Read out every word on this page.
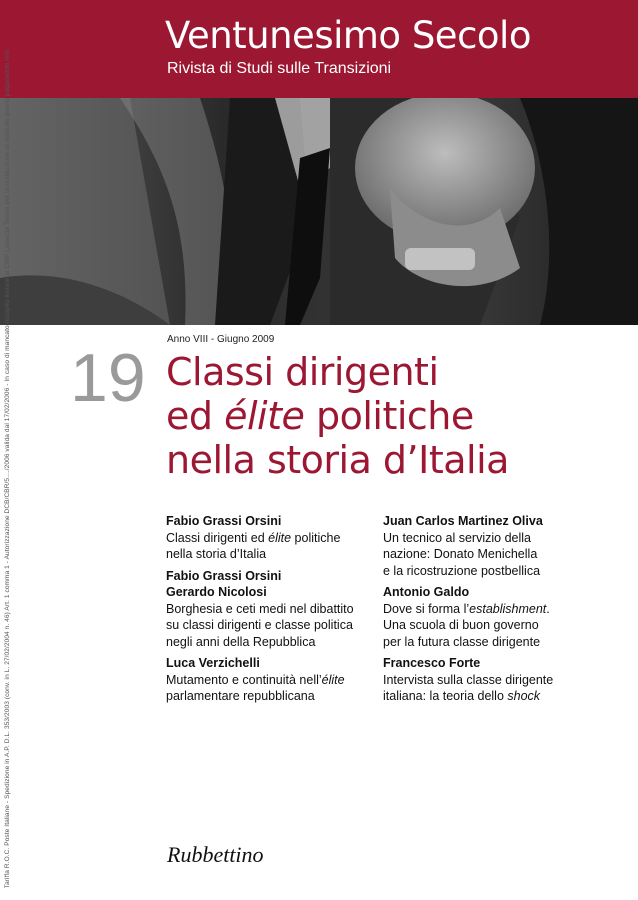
Ventunesimo Secolo
Rivista di Studi sulle Transizioni
Tariffa R.O.C. Poste Italiane - Spedizione in A.P. D.L. 353/2003 (conv. in L. 27/02/2004 n. 46) Art. 1 comma 1 - Autorizzazione DCB/CBR/5..../2006 valida dal 17/02/2006 - In caso di mancato recapito inviare al CMP Lamezia Terme per la restituzione al mittente previo pagamento resi	Anno VIII - Giugno 2009
19 Classi dirigenti
ed élite politiche
nella storia d’Italia
Fabio Grassi Orsini
Classi dirigenti ed élite politiche
nella storia d’Italia
Fabio Grassi Orsini
Gerardo Nicolosi
Borghesia e ceti medi nel dibattito
su classi dirigenti e classe politica
negli anni della Repubblica
Luca Verzichelli
Mutamento e continuità nell’élite
parlamentare repubblicana
Juan Carlos Martinez Oliva
Un tecnico al servizio della
nazione: Donato Menichella
e la ricostruzione postbellica
Antonio Galdo
Dove si forma l’establishment.
Una scuola di buon governo
per la futura classe dirigente
Francesco Forte
Intervista sulla classe dirigente
italiana: la teoria dello shock
Rubbettino
